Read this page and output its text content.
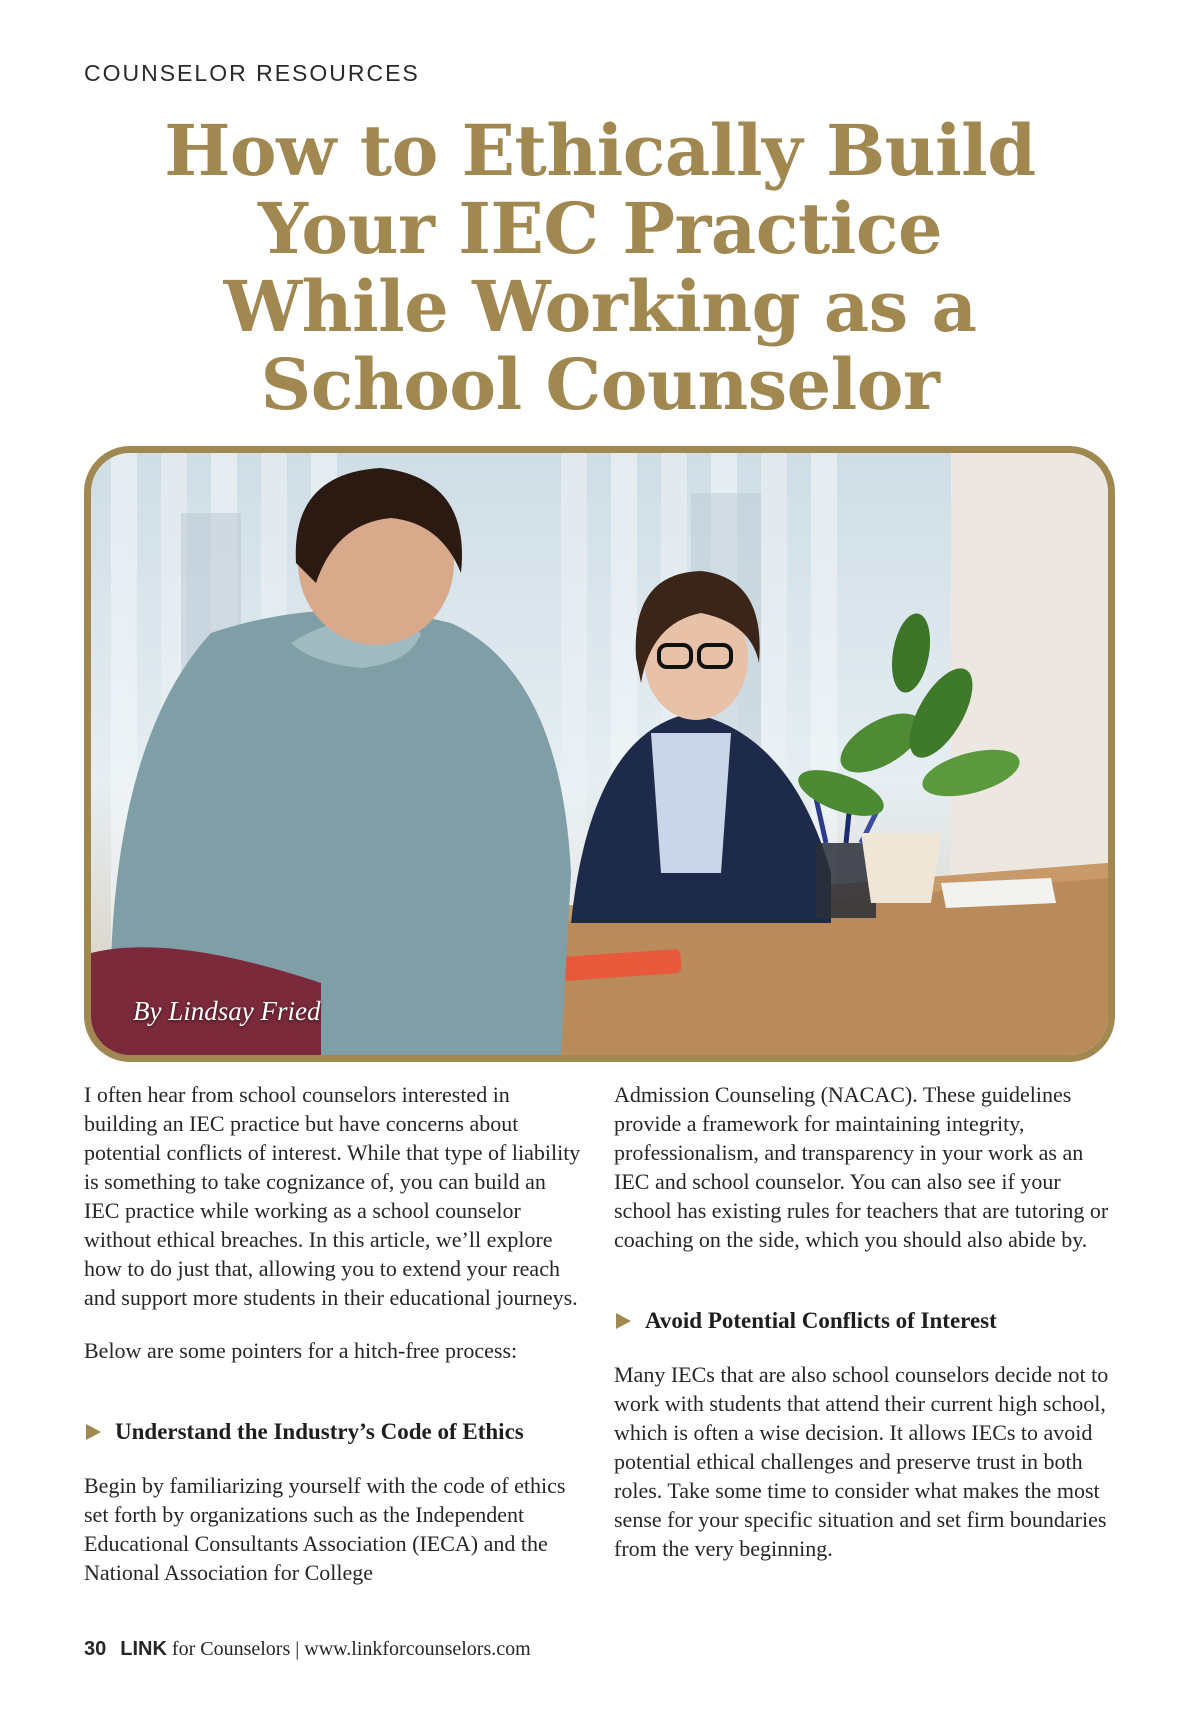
COUNSELOR RESOURCES
How to Ethically Build
Your IEC Practice
While Working as a
School Counselor
By Lindsay Fried

I often hear from school counselors interested in building an IEC practice but have concerns about potential conflicts of interest. While that type of liability is something to take cognizance of, you can build an IEC practice while working as a school counselor without ethical breaches. In this article, we’ll explore how to do just that, allowing you to extend your reach and support more students in their educational journeys.

Below are some pointers for a hitch-free process:

Understand the Industry’s Code of Ethics

Begin by familiarizing yourself with the code of ethics set forth by organizations such as the Independent Educational Consultants Association (IECA) and the National Association for College

Admission Counseling (NACAC). These guidelines provide a framework for maintaining integrity, professionalism, and transparency in your work as an IEC and school counselor. You can also see if your school has existing rules for teachers that are tutoring or coaching on the side, which you should also abide by.

Avoid Potential Conflicts of Interest

Many IECs that are also school counselors decide not to work with students that attend their current high school, which is often a wise decision. It allows IECs to avoid potential ethical challenges and preserve trust in both roles. Take some time to consider what makes the most sense for your specific situation and set firm boundaries from the very beginning.

30 LINK for Counselors | www.linkforcounselors.com
